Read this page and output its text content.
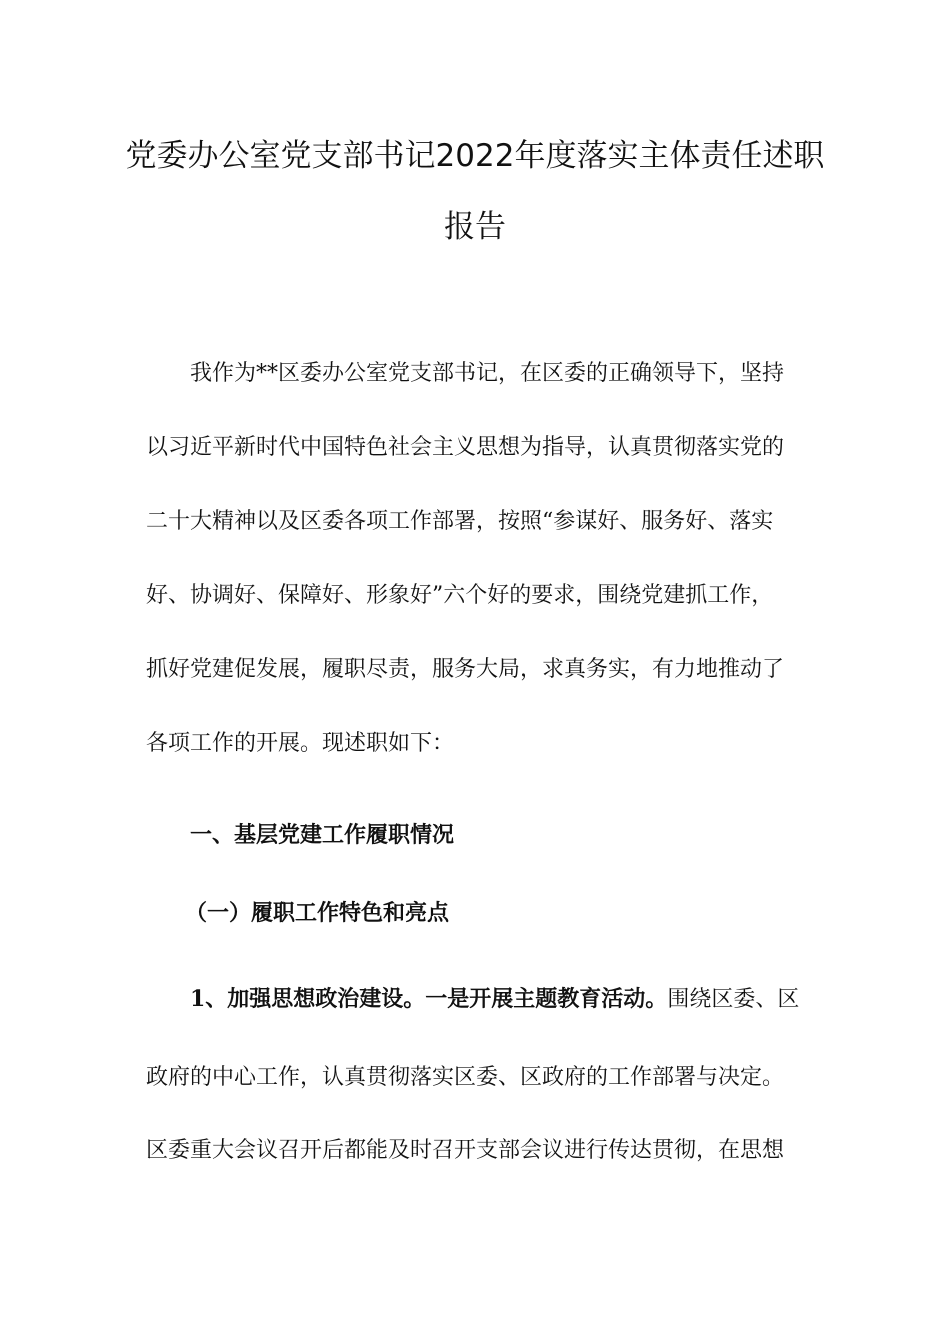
党委办公室党支部书记2022年度落实主体责任述职
报告
我作为**区委办公室党支部书记，在区委的正确领导下，坚持
以习近平新时代中国特色社会主义思想为指导，认真贯彻落实党的
二十大精神以及区委各项工作部署，按照“参谋好、服务好、落实
好、协调好、保障好、形象好”六个好的要求，围绕党建抓工作，
抓好党建促发展，履职尽责，服务大局，求真务实，有力地推动了
各项工作的开展。现述职如下：
一、基层党建工作履职情况
（一）履职工作特色和亮点
1、加强思想政治建设。一是开展主题教育活动。围绕区委、区
政府的中心工作，认真贯彻落实区委、区政府的工作部署与决定。
区委重大会议召开后都能及时召开支部会议进行传达贯彻，在思想
